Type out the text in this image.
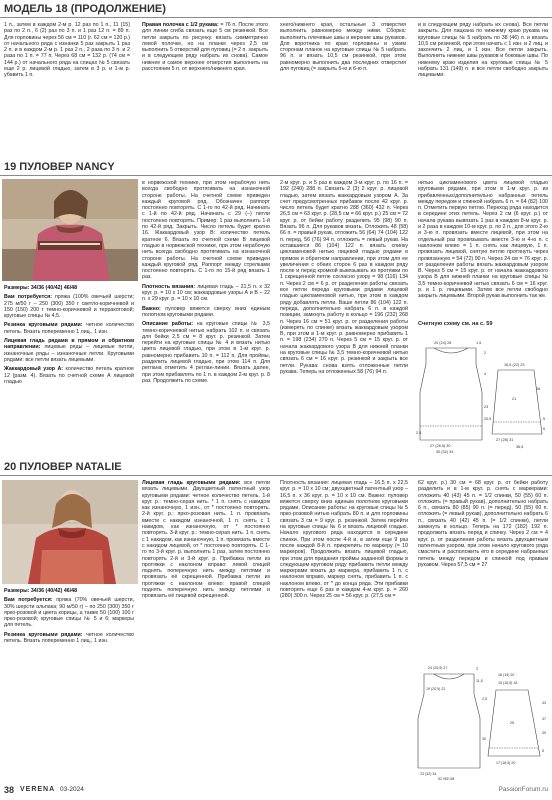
МОДЕЛЬ 18 (ПРОДОЛЖЕНИЕ)

1 п., затем в каждом 2-м р. 12 раз по 1 п., 11 (15) раз по 2 п., 6 (2) раз по 3 п. и 1 раз 12 п. = 89 п. Для горловины через 56 см = 110 (r. 62 см = 120 р.) от начального ряда с изнанки 5 раз закрыть 1 раз 2 п. и в каждом 2-м р. 1 раз 2 п., 2 раза по 3 п. и 2 раза по 1 п. = 77 п. Через 68 см = 132 р. (74 см = 144 р.) от начального ряда на спицах № 5 связать еще 2 р. лицевой гладью, затем в 3 р. и 1-м р. убавить 1 п.

Правая полочка с 1/2 рукава: = 76 п. После этого для линии сгиба связать еще 5 см резинкой. Все петли закрыть по рисунку. вязать симметрично левой полочке, но на планке через 2,5 см выполнить 5 отверстий для пуговиц (= 2 п. закрыть и в следующем ряду набрать их снова). Самое нижнее и самое верхнее отверстия выполнить на расстоянии 5 п. от верхнего/нижнего края.

хнего/нижнего края, остальные 3 отверстия выполнить равномерно между ними. Сборка: выполнить плечевые швы и верхние швы рукавов. Для воротника по краю горловины и узким сторонам планок на круговые спицы № 5 набрать 96 п. и вязать 10,5 см резинкой, при этом равномерно выполнить два последних отверстия для пуговиц (= закрыть 5-ю и 6-ю п.

и в следующем ряду набрать их снова). Все петли закрыть. Для лацкана по нижнему краю рукава на круговые спицы № 5 набрать по 38 (46) п. и вязать 10,5 см резинкой, при этом начать с 1 изн. и 2 лиц. и закончить 2 лиц. и 1 изн. Все петли закрыть. Выполнить нижние швы рукавов и боковые швы. По нижнему краю изделия на круговые спицы № 5 набрать 131 (149) п. и все петли свободно закрыть лицевыми.

19 ПУЛОВЕР NANCY

Размеры: 34/36 (40/42) 46/48

Вам потребуется: пряжа (100% овечьей шерсти; 275 м/50 г – 250 (300) 350 г светло-коричневой и 150 (150) 200 г темно-коричневой и терракотовой; круговые спицы № 4,5.

Резинка круговыми рядами: четное количество петель. Вязать попеременно 1 лиц., 1 изн.

Лицевая гладь рядами в прямом и обратном направлении: лицевые ряды – лицевые петли, изнаночные ряды – изнаночные петли. Круговыми рядами: все петли вязать лицевыми.

Жаккардовый узор А: количество петель кратное 12 (разм. 4). Вязать по счетной схеме А лицевой гладью

в норвежской технике, при этом нерабочую нить всегда свободно протягивать на изнаночной стороне работы. На счетной схеме приведен каждый круговой ряд. Обозначен раппорт постоянно повторять. С 1-го по 42-й ряд. Начинать с 1-й по 42-й ряд. Начинать с 29 (–) петли постоянно повторять. Пример: 1 раз выполнить 1-й по 42-й ряд. Закрыть. Число петель будет кратно 16. Жаккардовый узор В: количество петель кратное 6. Вязать по счетной схеме В лицевой гладью в норвежской технике, при этом нерабочую нить всегда свободно протягивать на изнаночной стороне работы. На счетной схеме приведен каждый круговой ряд. Раппорт между стрелками постоянно повторять. С 1-го по 15-й ряд вязать 1 раз.

Плотность вязания: лицевая гладь – 21,5 п. х 32 круг. р. = 10 х 10 см; жаккардовые узоры А и В – 22 п. х 29 круг. р. = 10 х 10 см.

Важно: пуловер вяжется сверху вниз единым полотном круговыми рядами.

Описание работы: на круговые спицы № 3,5 темно-коричневой нитью набрать 102 п. и связать для бейки 2,5 см = 8 круг. р. резинкой. Затем перейти на круговые спицы № 4 и вязать нитью цвета лицевой гладью, при этом в 1-м круг. р. равномерно прибавить 10 п. = 112 п. Для проймы, разделить лицевой гладью, при этом 114 п. Для реглана отметить 4 реглан-линии. Вязать далее, при этом прибавлять по 1 п. в каждом 2-м круг. р. 8 раз. Продолжить по схеме.

2-м круг. р. и 5 раз в каждом 3-м круг. р. по 16 п. = 192 (240) 288 п. Связать 2 (3) 2 круг. р. лицевой гладью, затем вязать жаккардовым узором А. За счет предусмотренных прибавок после 42 круг. р. число петель будет кратно 288 (360) 432 п. Через 26,5 см = 63 круг. р. (28,5 см = 66 круг. р.) 25 см = 72 круг. р. от бейки работу разделить 95 (98) 90 п. Вязать 96 п. Для рукавов вязать. Отложить 48 (58) 66 п. = правый рукав, отложить 56 (64) 74 (104) 122 п. перед, 56 (76) 94 п. отложить = левый рукав. На оставшиеся 86 (104) 122 п. вязать спинку цикламеновой нитью лицевой гладью рядами в прямом и обратном направлении, при этом для ее увеличения с обеих сторон 6 раз в каждом ряду после и перед кромкой вывязывать из протяжки по 1 скрещенной петле согласно узору = 98 (116) 134 п. Через 2 см = 6 р. от разделения работы связать все петли переда круговыми рядами лицевой гладью цикламеновой нитью, при этом в каждом ряду добавлять петли. Ваше петли 86 (104) 122 п. переда, дополнительно набрать 6 п. в каждой позиции, замкнуть работу в кольцо = 196 (232) 268 п. Через 16 см = 51 круг. р. от разделения работы (измерять по спинке) вязать жаккардовым узором В, при этом в 1-м круг. р. равномерно прибавить 1 п. = 198 (234) 270 п. Через 5 см = 15 круг. р. от начала жаккардового узора В для нижней планки на круговые спицы № 3,5 темно-коричневой нитью связать 6 см = 16 круг. р. резинкой и закрыть все петли. Рукава: снова взять отложенные петли рукава. Теперь на отложенных 58 (76) 94 п.

нитью цикламенового цвета лицевой гладью круговыми рядами, при этом в 1-м круг. р. из прибавленных/дополнительно набранных петель между передом и спинкой набрать 6 п. = 64 (82) 100 п. Отметить первую петлю. Переход ряда находится в середине этих петель. Через 2 см (6 круг. р.) от начала рукава вывязать 1 раз в каждом 8-м круг. р. и 2 раза в каждом 10-м круг. р. по 2 п., для этого 2-ю и 3-ю п. провязать вместе лицевой, при этом на отдельный раз провязывать вместе 3-ю и 4-ю п. с наклоном влево = 1 п. снять как лицевую, 1 п. провязать лицевой, снятую петлю протянуть через провязанную = 54 (72) 90 п. Через 24 см = 76 круг. р. от разделения работы вязать жаккардовым узором В. Через 5 см = 15 круг. р. от начала жаккардового узора В для нижней планки на круговые спицы № 3,5 темно-коричневой нитью связать 6 см = 16 круг. р. и 1 р. лицевыми. Затем все петли свободно закрыть лицевыми. Второй рукав выполнить так же.

Счетную схему см. на с. 59
20 (24) 28	1,5
2
4
23
20,5
27 (28,5) 30
16,5 (22) 23
16
5
6
30 (32) 34
2,5
21
27 (28) 31
36,5
20 ПУЛОВЕР NATALIE

Размеры: 34/36 (40/42) 46/48

Вам потребуется: пряжа (70% овечьей шерсти, 30% шерсти альпака; 90 м/50 г) – по 250 (300) 350 г ярко-розовой и цвета корицы, а также 50 (100) 100 г ярко-розовой; круговые спицы № 5 и 6; маркеры для петель.

Резинка круговыми рядами: четное количество петель. Вязать попеременно 1 лиц., 1 изн.

Лицевая гладь круговыми рядами: все петли вязать лицевыми. Двухцветный патентный узор круговыми рядами: четное количество петель. 1-й круг. р.: темно-серая нить. * 1 п. снять с накидом как изнаночную, 1 изн., от * постоянно повторять. 2-й круг. р.: ярко-розовая нить. 1 п. провязать вместе с накидом изнаночной, 1 п. снять с 1 накидом, как изнаночную, от * постоянно повторять. 3-й круг. р.: темно-серая нить. 1 п. снять с 1 накидом, как изнаночную, 1 п. провязать вместе с накидом лицевой, от * постоянно повторять. С 1-го по 3-й круг. р. выполнить 1 раз, затем постоянно повторять 2-й и 3-й круг. р. Прибавка петли из протяжки с наклоном вправо: левой спицей поднять поперечную нить между петлями и провязать её скрещенной. Прибавка петли из протяжки с наклоном влево: правой спицей поднять поперечную нить между петлями и провязать её лицевой скрещенной.

Плотность вязания: лицевая гладь – 16,5 п. х 22,5 круг. р. = 10 х 10 см; двухцветный патентный узор – 16,5 п. х 36 круг. р. = 10 х 10 см. Важно: пуловер вяжется сверху вниз единым полотном круговыми рядами. Описание работы: на круговые спицы № 5 ярко-розовой нитью набрать 80 п. и для горловины связать 3 см = 9 круг. р. резинкой. Затем перейти на круговые спицы № 6 и вязать лицевой гладью. Начало кругового ряда находится в середине спинки. При этом после 4-й и, в затем еще 9 раз после каждой 8-й п. прикрепить по маркеру (= 10 маркеров). Продолжить вязать лицевой гладью, при этом для придания проймы заданной формы в следующем круговом ряду прибавить петли между маркерами вязать до маркера, прибавить 1 п. с наклоном вправо, маркер снять, прибавить 1 п. с наклоном влево, от * до конца ряда. Эти прибавки повторять еще 6 раз в каждом 4-м круг. р. = 260 (280) 300 п. Через 25 см = 56 круг. р. (27,5 см =

62 круг. р.) 30 см = 68 круг. р. от бейки работу разделить и в 1-м круг. р. снять с маркерами: отложить 40 (43) 45 п. = 1/2 спинки, 50 (55) 60 п. отложить (= правый рукав), дополнительно набрать 6 п., связать 80 (85) 90 п. (= перед), 50 (55) 60 п. отложить (= левый рукав), дополнительно набрать 6 п., связать 40 (42) 45 п. (= 1/2 спинки), петли замкнуть в кольцо. Теперь на 172 (182) 192 п. продолжить вязать перед и спинку. Через 2 см = 4 круг. р. от разделения работы вязать двухцветным патентным узором, при этом начало кругового ряда смастить и расположить его в середине набранных петель между передом и спинкой под правым рукавом. Через 57,5 см = 27

24 (25,5) 27	3
11,5
19 (20,5) 22
2,5
30
23 (32) 34
15 (16,5) 18
18 (19) 20
5
43
37
39
25
52 (55) 58
17 (18,5) 20
38 VERENA 03-2024	PassionForum.ru
